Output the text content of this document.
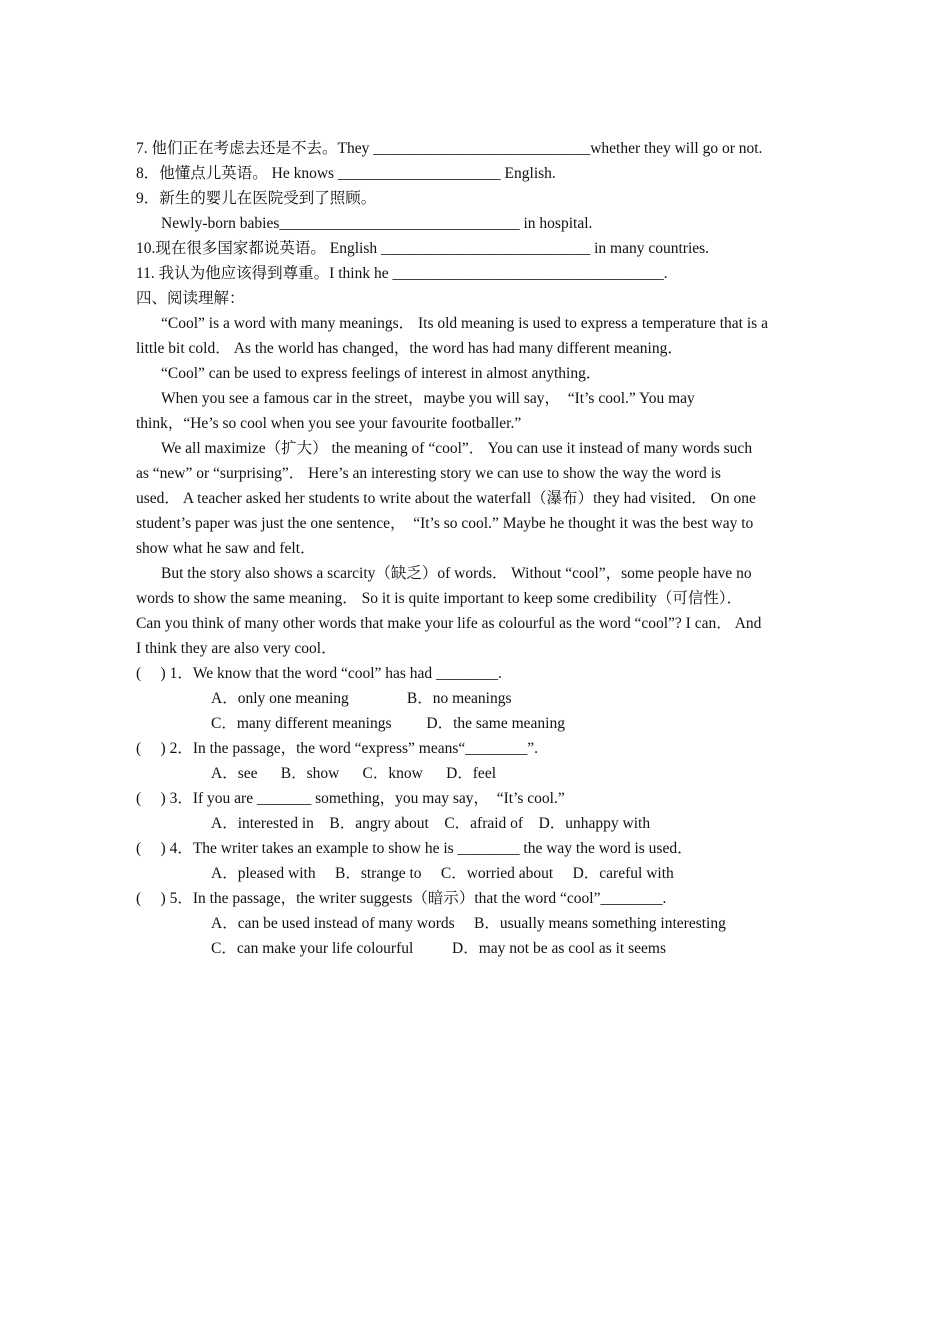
7. 他们正在考虑去还是不去。They ____________________________whether they will go or not.
8．他懂点儿英语。 He knows _____________________ English.
9．新生的婴儿在医院受到了照顾。
Newly-born babies_______________________________ in hospital.
10.现在很多国家都说英语。 English ___________________________ in many countries.
11. 我认为他应该得到尊重。I think he ___________________________________.
四、阅读理解：
“Cool” is a word with many meanings． Its old meaning is used to express a temperature that is a
little bit cold． As the world has changed，the word has had many different meaning．
“Cool” can be used to express feelings of interest in almost anything．
When you see a famous car in the street，maybe you will say，  “It’s cool.” You may
think，“He’s so cool when you see your favourite footballer.”
We all maximize（扩大） the meaning of “cool”． You can use it instead of many words such
as “new” or “surprising”． Here’s an interesting story we can use to show the way the word is
used． A teacher asked her students to write about the waterfall（瀑布）they had visited． On one
student’s paper was just the one sentence，  “It’s so cool.” Maybe he thought it was the best way to
show what he saw and felt．
But the story also shows a scarcity（缺乏）of words． Without “cool”，some people have no
words to show the same meaning． So it is quite important to keep some credibility（可信性）．
Can you think of many other words that make your life as colourful as the word “cool”? I can． And
I think they are also very cool．
(     ) 1．We know that the word “cool” has had ________.
A．only one meaning               B．no meanings
C．many different meanings         D．the same meaning
(     ) 2．In the passage，the word “express” means“________”.
A．see      B．show      C．know      D．feel
(     ) 3．If you are _______ something，you may say，  “It’s cool.”
A．interested in    B．angry about    C．afraid of    D．unhappy with
(     ) 4．The writer takes an example to show he is ________ the way the word is used．
A．pleased with     B．strange to     C．worried about     D．careful with
(     ) 5．In the passage，the writer suggests（暗示）that the word “cool”________.
A．can be used instead of many words     B．usually means something interesting
C．can make your life colourful          D．may not be as cool as it seems
